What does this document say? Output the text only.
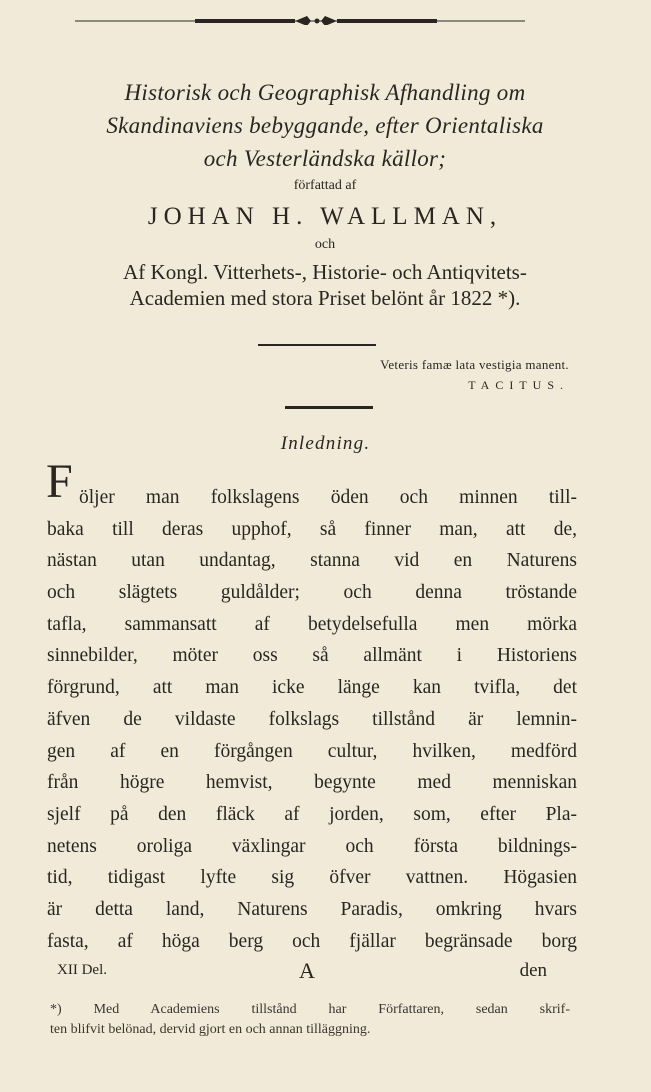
Historisk och Geographisk Afhandling om
Skandinaviens bebyggande, efter Orientaliska
och Vesterländska källor;
författad af
JOHAN H. WALLMAN,
och
Af Kongl. Vitterhets-, Historie- och Antiqvitets-
Academien med stora Priset belönt år 1822 *).
Veteris famæ lata vestigia manent.
TACITUS.
Inledning.
F öljer man folkslagens öden och minnen till-
baka till deras upphof, så finner man, att de,
nästan utan undantag, stanna vid en Naturens
och slägtets guldålder; och denna tröstande
tafla, sammansatt af betydelsefulla men mörka
sinnebilder, möter oss så allmänt i Historiens
förgrund, att man icke länge kan tvifla, det
äfven de vildaste folkslags tillstånd är lemnin-
gen af en förgången cultur, hvilken, medförd
från högre hemvist, begynte med menniskan
sjelf på den fläck af jorden, som, efter Pla-
netens oroliga växlingar och första bildnings-
tid, tidigast lyfte sig öfver vattnen. Högasien
är detta land, Naturens Paradis, omkring hvars
fasta, af höga berg och fjällar begränsade borg
XII Del.	A	den
*) Med Academiens tillstånd har Författaren, sedan skrif-
ten blifvit belönad, dervid gjort en och annan tilläggning.
